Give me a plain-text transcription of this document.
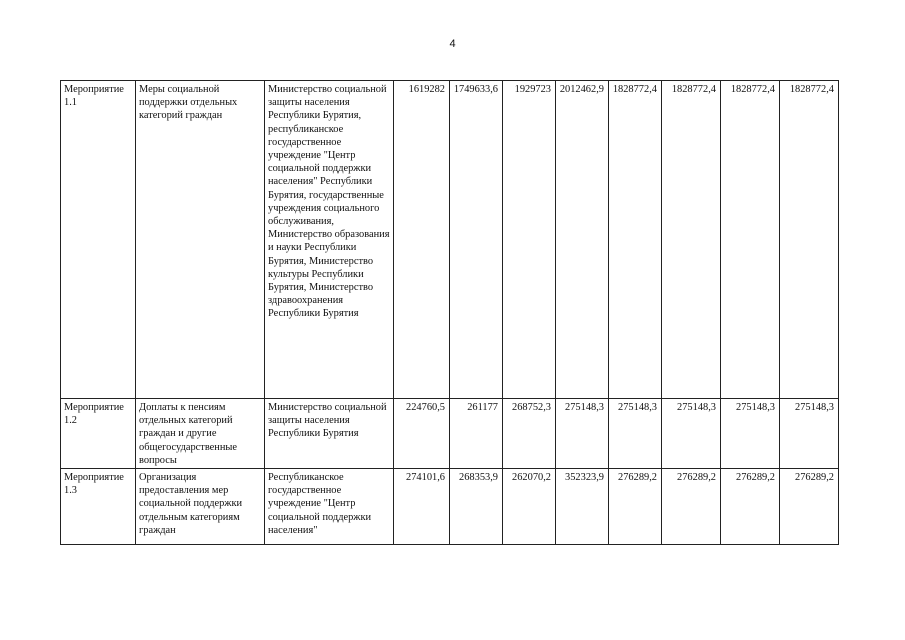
4
Мероприятие 1.1	Меры социальной поддержки отдельных категорий граждан	Министерство социальной защиты населения Республики Бурятия, республиканское государственное учреждение "Центр социальной поддержки населения" Республики Бурятия, государственные учреждения социального обслуживания, Министерство образования и науки Республики Бурятия, Министерство культуры Республики Бурятия, Министерство здравоохранения Республики Бурятия	1619282	1749633,6	1929723	2012462,9	1828772,4	1828772,4	1828772,4	1828772,4
Мероприятие 1.2	Доплаты к пенсиям отдельных категорий граждан и другие общегосударственные вопросы	Министерство социальной защиты населения Республики Бурятия	224760,5	261177	268752,3	275148,3	275148,3	275148,3	275148,3	275148,3
Мероприятие 1.3	Организация предоставления мер социальной поддержки отдельным категориям граждан	Республиканское государственное учреждение "Центр социальной поддержки населения"	274101,6	268353,9	262070,2	352323,9	276289,2	276289,2	276289,2	276289,2
